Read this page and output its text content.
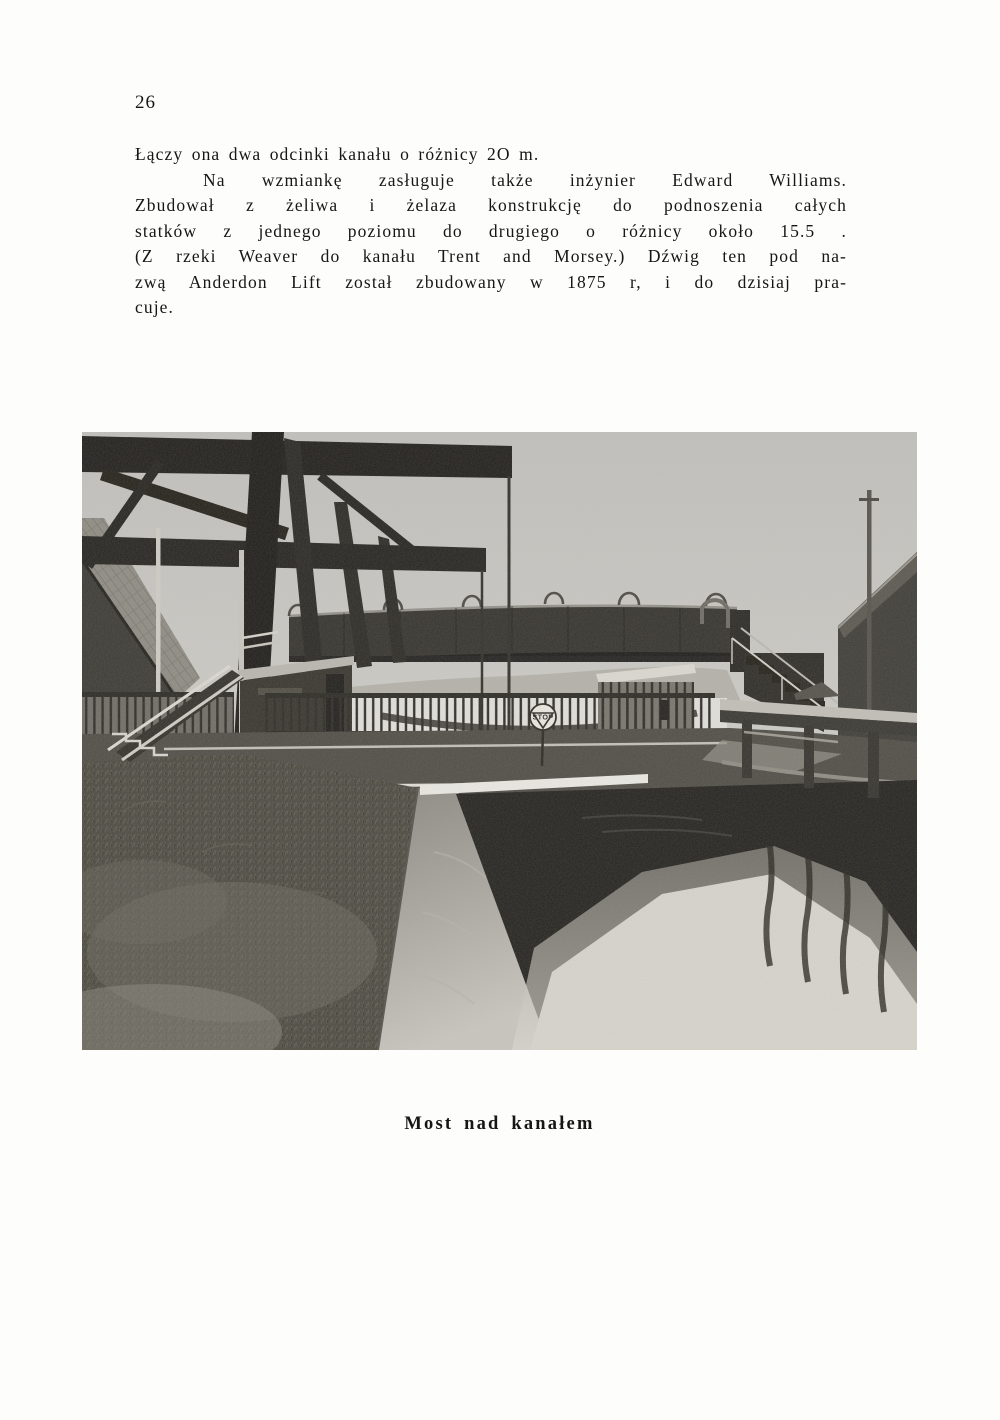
26
Łączy ona dwa odcinki kanału o różnicy 2O m.
Na wzmiankę zasługuje także inżynier Edward Williams.
Zbudował z żeliwa i żelaza konstrukcję do podnoszenia całych
statków z jednego poziomu do drugiego o różnicy około 15.5 .
(Z rzeki Weaver do kanału Trent and Morsey.) Dźwig ten pod na-
zwą Anderdon Lift został zbudowany w 1875 r, i do dzisiaj pra-
cuje.
STOP
Most nad kanałem
